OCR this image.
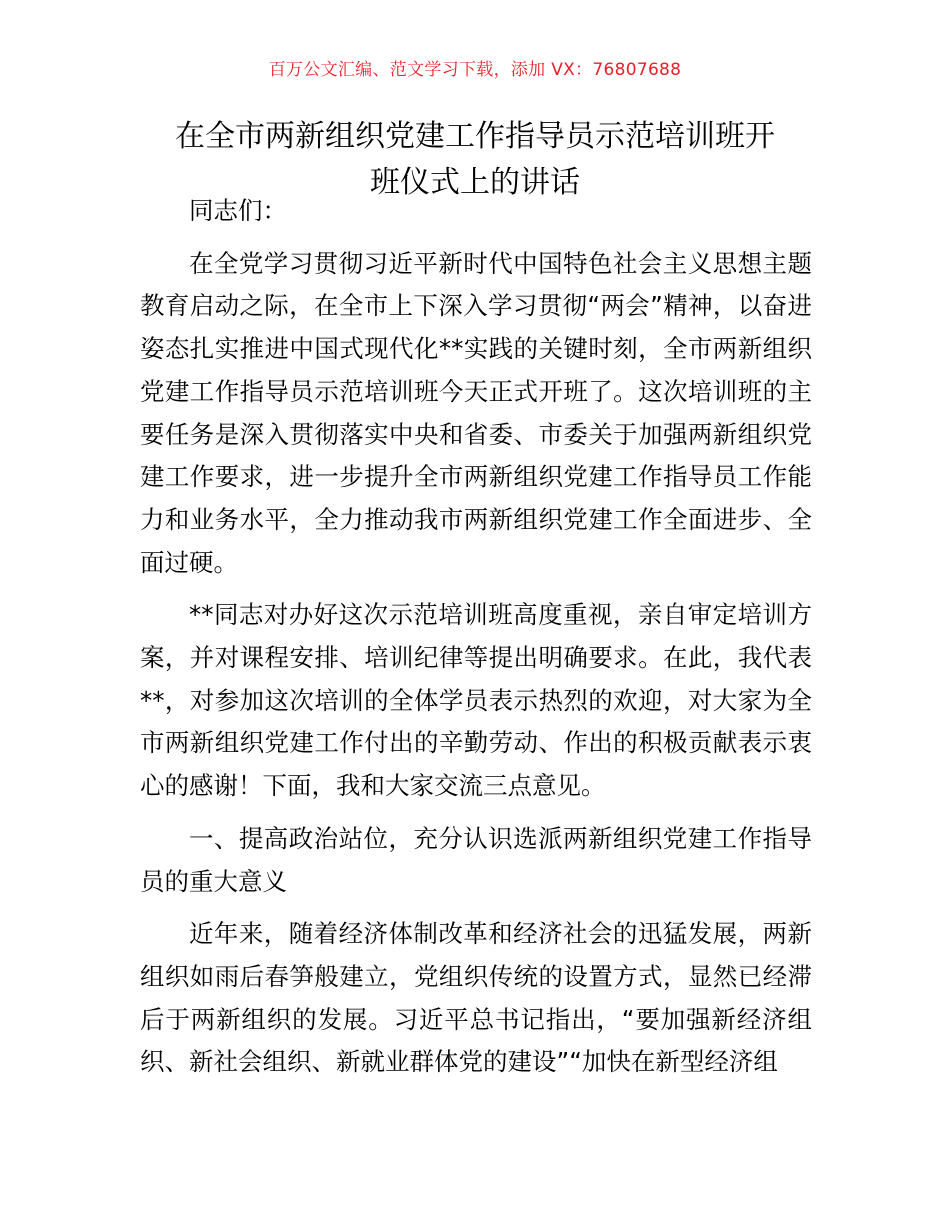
百万公文汇编、范文学习下载，添加 VX：76807688
在全市两新组织党建工作指导员示范培训班开
班仪式上的讲话

同志们：

在全党学习贯彻习近平新时代中国特色社会主义思想主题教育启动之际，在全市上下深入学习贯彻“两会”精神，以奋进姿态扎实推进中国式现代化**实践的关键时刻，全市两新组织党建工作指导员示范培训班今天正式开班了。这次培训班的主要任务是深入贯彻落实中央和省委、市委关于加强两新组织党建工作要求，进一步提升全市两新组织党建工作指导员工作能力和业务水平，全力推动我市两新组织党建工作全面进步、全面过硬。

**同志对办好这次示范培训班高度重视，亲自审定培训方案，并对课程安排、培训纪律等提出明确要求。在此，我代表**，对参加这次培训的全体学员表示热烈的欢迎，对大家为全市两新组织党建工作付出的辛勤劳动、作出的积极贡献表示衷心的感谢！下面，我和大家交流三点意见。

一、提高政治站位，充分认识选派两新组织党建工作指导员的重大意义

近年来，随着经济体制改革和经济社会的迅猛发展，两新组织如雨后春笋般建立，党组织传统的设置方式，显然已经滞后于两新组织的发展。习近平总书记指出，“要加强新经济组织、新社会组织、新就业群体党的建设”“加快在新型经济组
